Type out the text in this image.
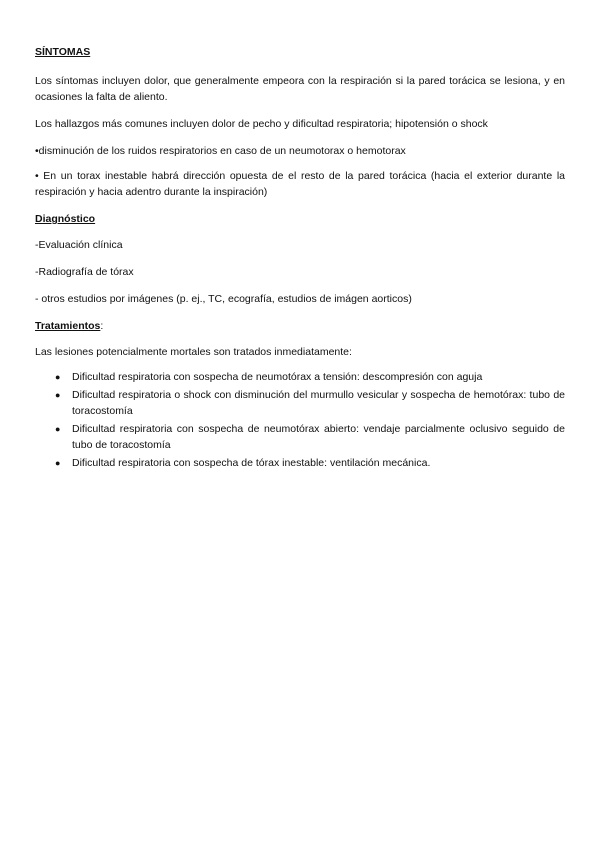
SÍNTOMAS

Los síntomas incluyen dolor, que generalmente empeora con la respiración si la pared torácica se lesiona, y en ocasiones la falta de aliento.

Los hallazgos más comunes incluyen dolor de pecho y dificultad respiratoria; hipotensión o shock

•disminución de los ruidos respiratorios en caso de un neumotorax o hemotorax

• En un torax inestable habrá dirección opuesta de el resto de la pared torácica (hacia el exterior durante la respiración y hacia adentro durante la inspiración)

Diagnóstico

-Evaluación clínica

-Radiografía de tórax

- otros estudios por imágenes (p. ej., TC, ecografía, estudios de imágen aorticos)

Tratamientos:

Las lesiones potencialmente mortales son tratados inmediatamente:

● Dificultad respiratoria con sospecha de neumotórax a tensión: descompresión con aguja
● Dificultad respiratoria o shock con disminución del murmullo vesicular y sospecha de hemotórax: tubo de toracostomía
● Dificultad respiratoria con sospecha de neumotórax abierto: vendaje parcialmente oclusivo seguido de tubo de toracostomía
● Dificultad respiratoria con sospecha de tórax inestable: ventilación mecánica.
